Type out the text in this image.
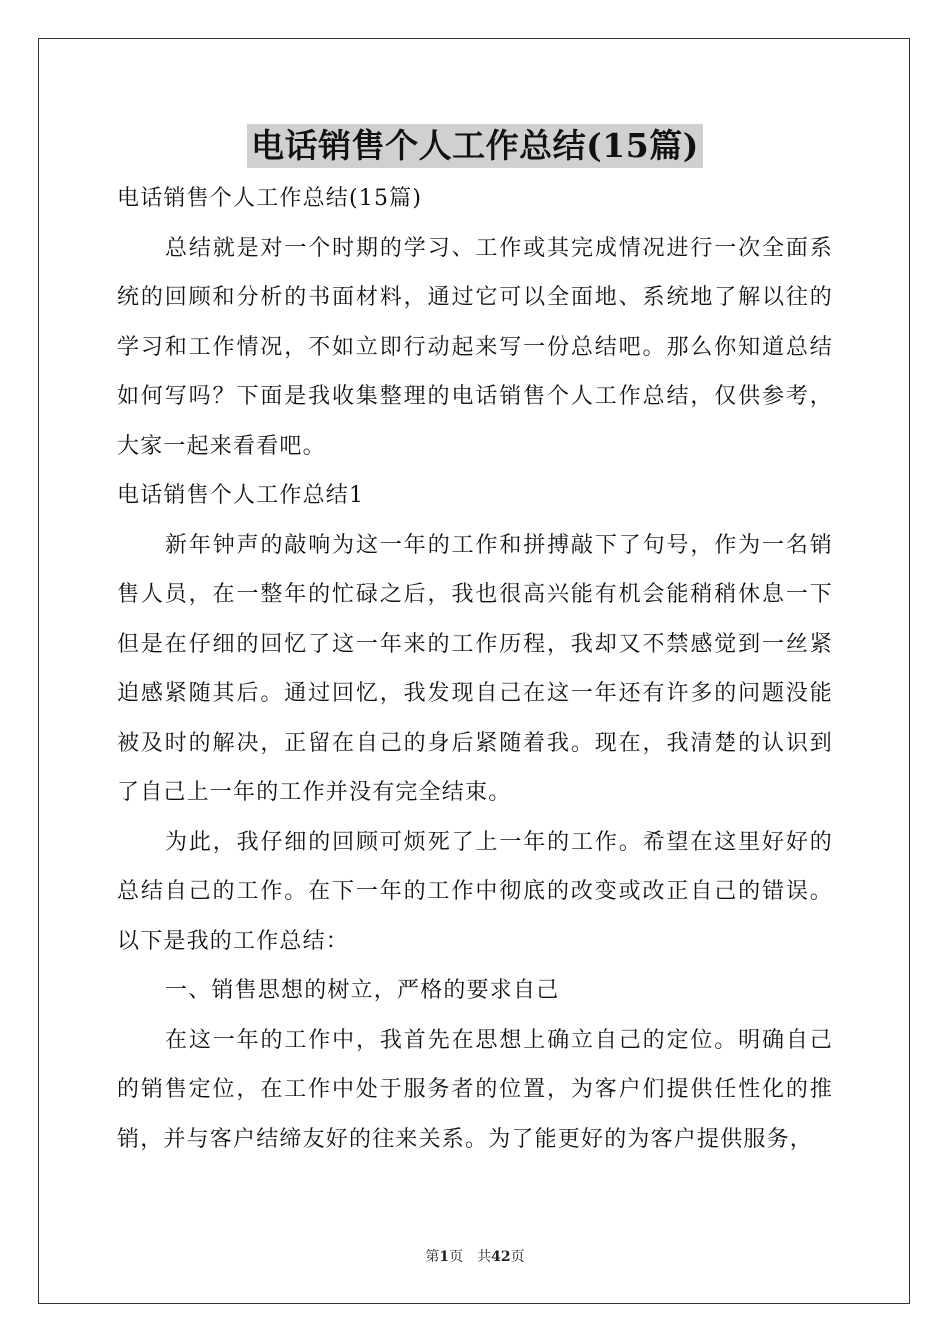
电话销售个人工作总结(15篇)

电话销售个人工作总结(15篇)

总结就是对一个时期的学习、工作或其完成情况进行一次全面系统的回顾和分析的书面材料，通过它可以全面地、系统地了解以往的学习和工作情况，不如立即行动起来写一份总结吧。那么你知道总结如何写吗？下面是我收集整理的电话销售个人工作总结，仅供参考，大家一起来看看吧。

电话销售个人工作总结1

新年钟声的敲响为这一年的工作和拼搏敲下了句号，作为一名销售人员，在一整年的忙碌之后，我也很高兴能有机会能稍稍休息一下但是在仔细的回忆了这一年来的工作历程，我却又不禁感觉到一丝紧迫感紧随其后。通过回忆，我发现自己在这一年还有许多的问题没能被及时的解决，正留在自己的身后紧随着我。现在，我清楚的认识到了自己上一年的工作并没有完全结束。

为此，我仔细的回顾可烦死了上一年的工作。希望在这里好好的总结自己的工作。在下一年的工作中彻底的改变或改正自己的错误。以下是我的工作总结：

一、销售思想的树立，严格的要求自己

在这一年的工作中，我首先在思想上确立自己的定位。明确自己的销售定位，在工作中处于服务者的位置，为客户们提供任性化的推销，并与客户结缔友好的往来关系。为了能更好的为客户提供服务，

第1页　共42页
